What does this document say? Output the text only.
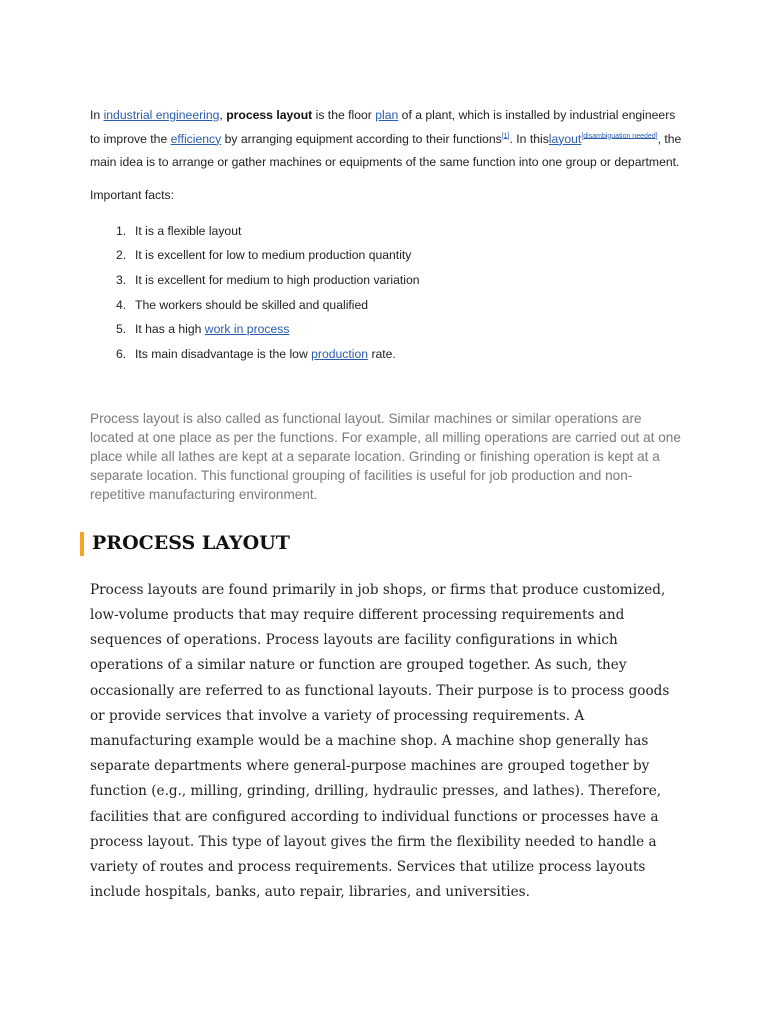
In industrial engineering, process layout is the floor plan of a plant, which is installed by industrial engineers to improve the efficiency by arranging equipment according to their functions[1]. In thislayout[disambiguation needed], the main idea is to arrange or gather machines or equipments of the same function into one group or department.

Important facts:

1. It is a flexible layout
2. It is excellent for low to medium production quantity
3. It is excellent for medium to high production variation
4. The workers should be skilled and qualified
5. It has a high work in process
6. Its main disadvantage is the low production rate.

Process layout is also called as functional layout. Similar machines or similar operations are located at one place as per the functions. For example, all milling operations are carried out at one place while all lathes are kept at a separate location. Grinding or finishing operation is kept at a separate location. This functional grouping of facilities is useful for job production and non-repetitive manufacturing environment.

PROCESS LAYOUT

Process layouts are found primarily in job shops, or firms that produce customized, low-volume products that may require different processing requirements and sequences of operations. Process layouts are facility configurations in which operations of a similar nature or function are grouped together. As such, they occasionally are referred to as functional layouts. Their purpose is to process goods or provide services that involve a variety of processing requirements. A manufacturing example would be a machine shop. A machine shop generally has separate departments where general-purpose machines are grouped together by function (e.g., milling, grinding, drilling, hydraulic presses, and lathes). Therefore, facilities that are configured according to individual functions or processes have a process layout. This type of layout gives the firm the flexibility needed to handle a variety of routes and process requirements. Services that utilize process layouts include hospitals, banks, auto repair, libraries, and universities.
